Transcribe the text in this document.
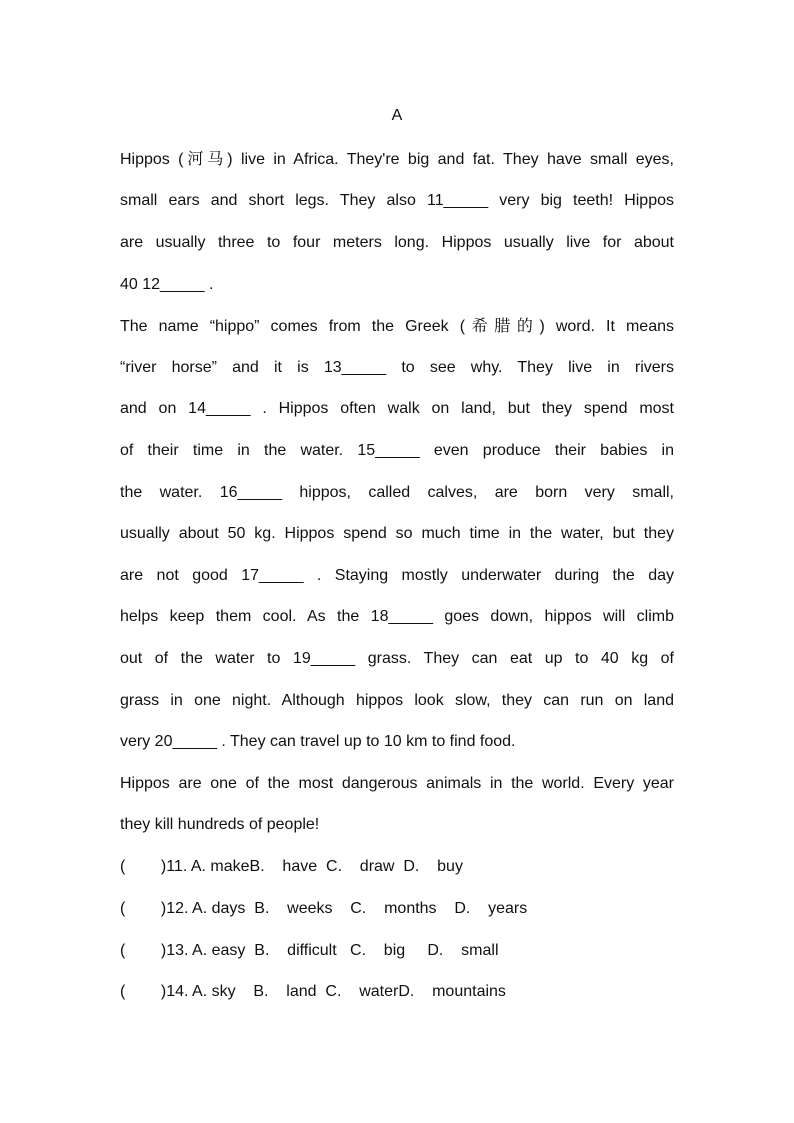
A
Hippos (河马) live in Africa. They're big and fat. They have small eyes,
small ears and short legs. They also 11_____ very big teeth! Hippos
are usually three to four meters long. Hippos usually live for about
40 12_____ .
The name “hippo” comes from the Greek (希腊的) word. It means
“river horse” and it is 13_____ to see why. They live in rivers
and on 14_____ . Hippos often walk on land, but they spend most
of their time in the water. 15_____ even produce their babies in
the water. 16_____ hippos, called calves, are born very small,
usually about 50 kg. Hippos spend so much time in the water, but they
are not good 17_____ . Staying mostly underwater during the day
helps keep them cool. As the 18_____ goes down, hippos will climb
out of the water to 19_____ grass. They can eat up to 40 kg of
grass in one night. Although hippos look slow, they can run on land
very 20_____ . They can travel up to 10 km to find food.
Hippos are one of the most dangerous animals in the world. Every year
they kill hundreds of people!
(        )11. A. makeB.    have  C.    draw  D.    buy
(        )12. A. days  B.    weeks    C.    months    D.    years
(        )13. A. easy  B.    difficult   C.    big     D.    small
(        )14. A. sky    B.    land  C.    waterD.    mountains
